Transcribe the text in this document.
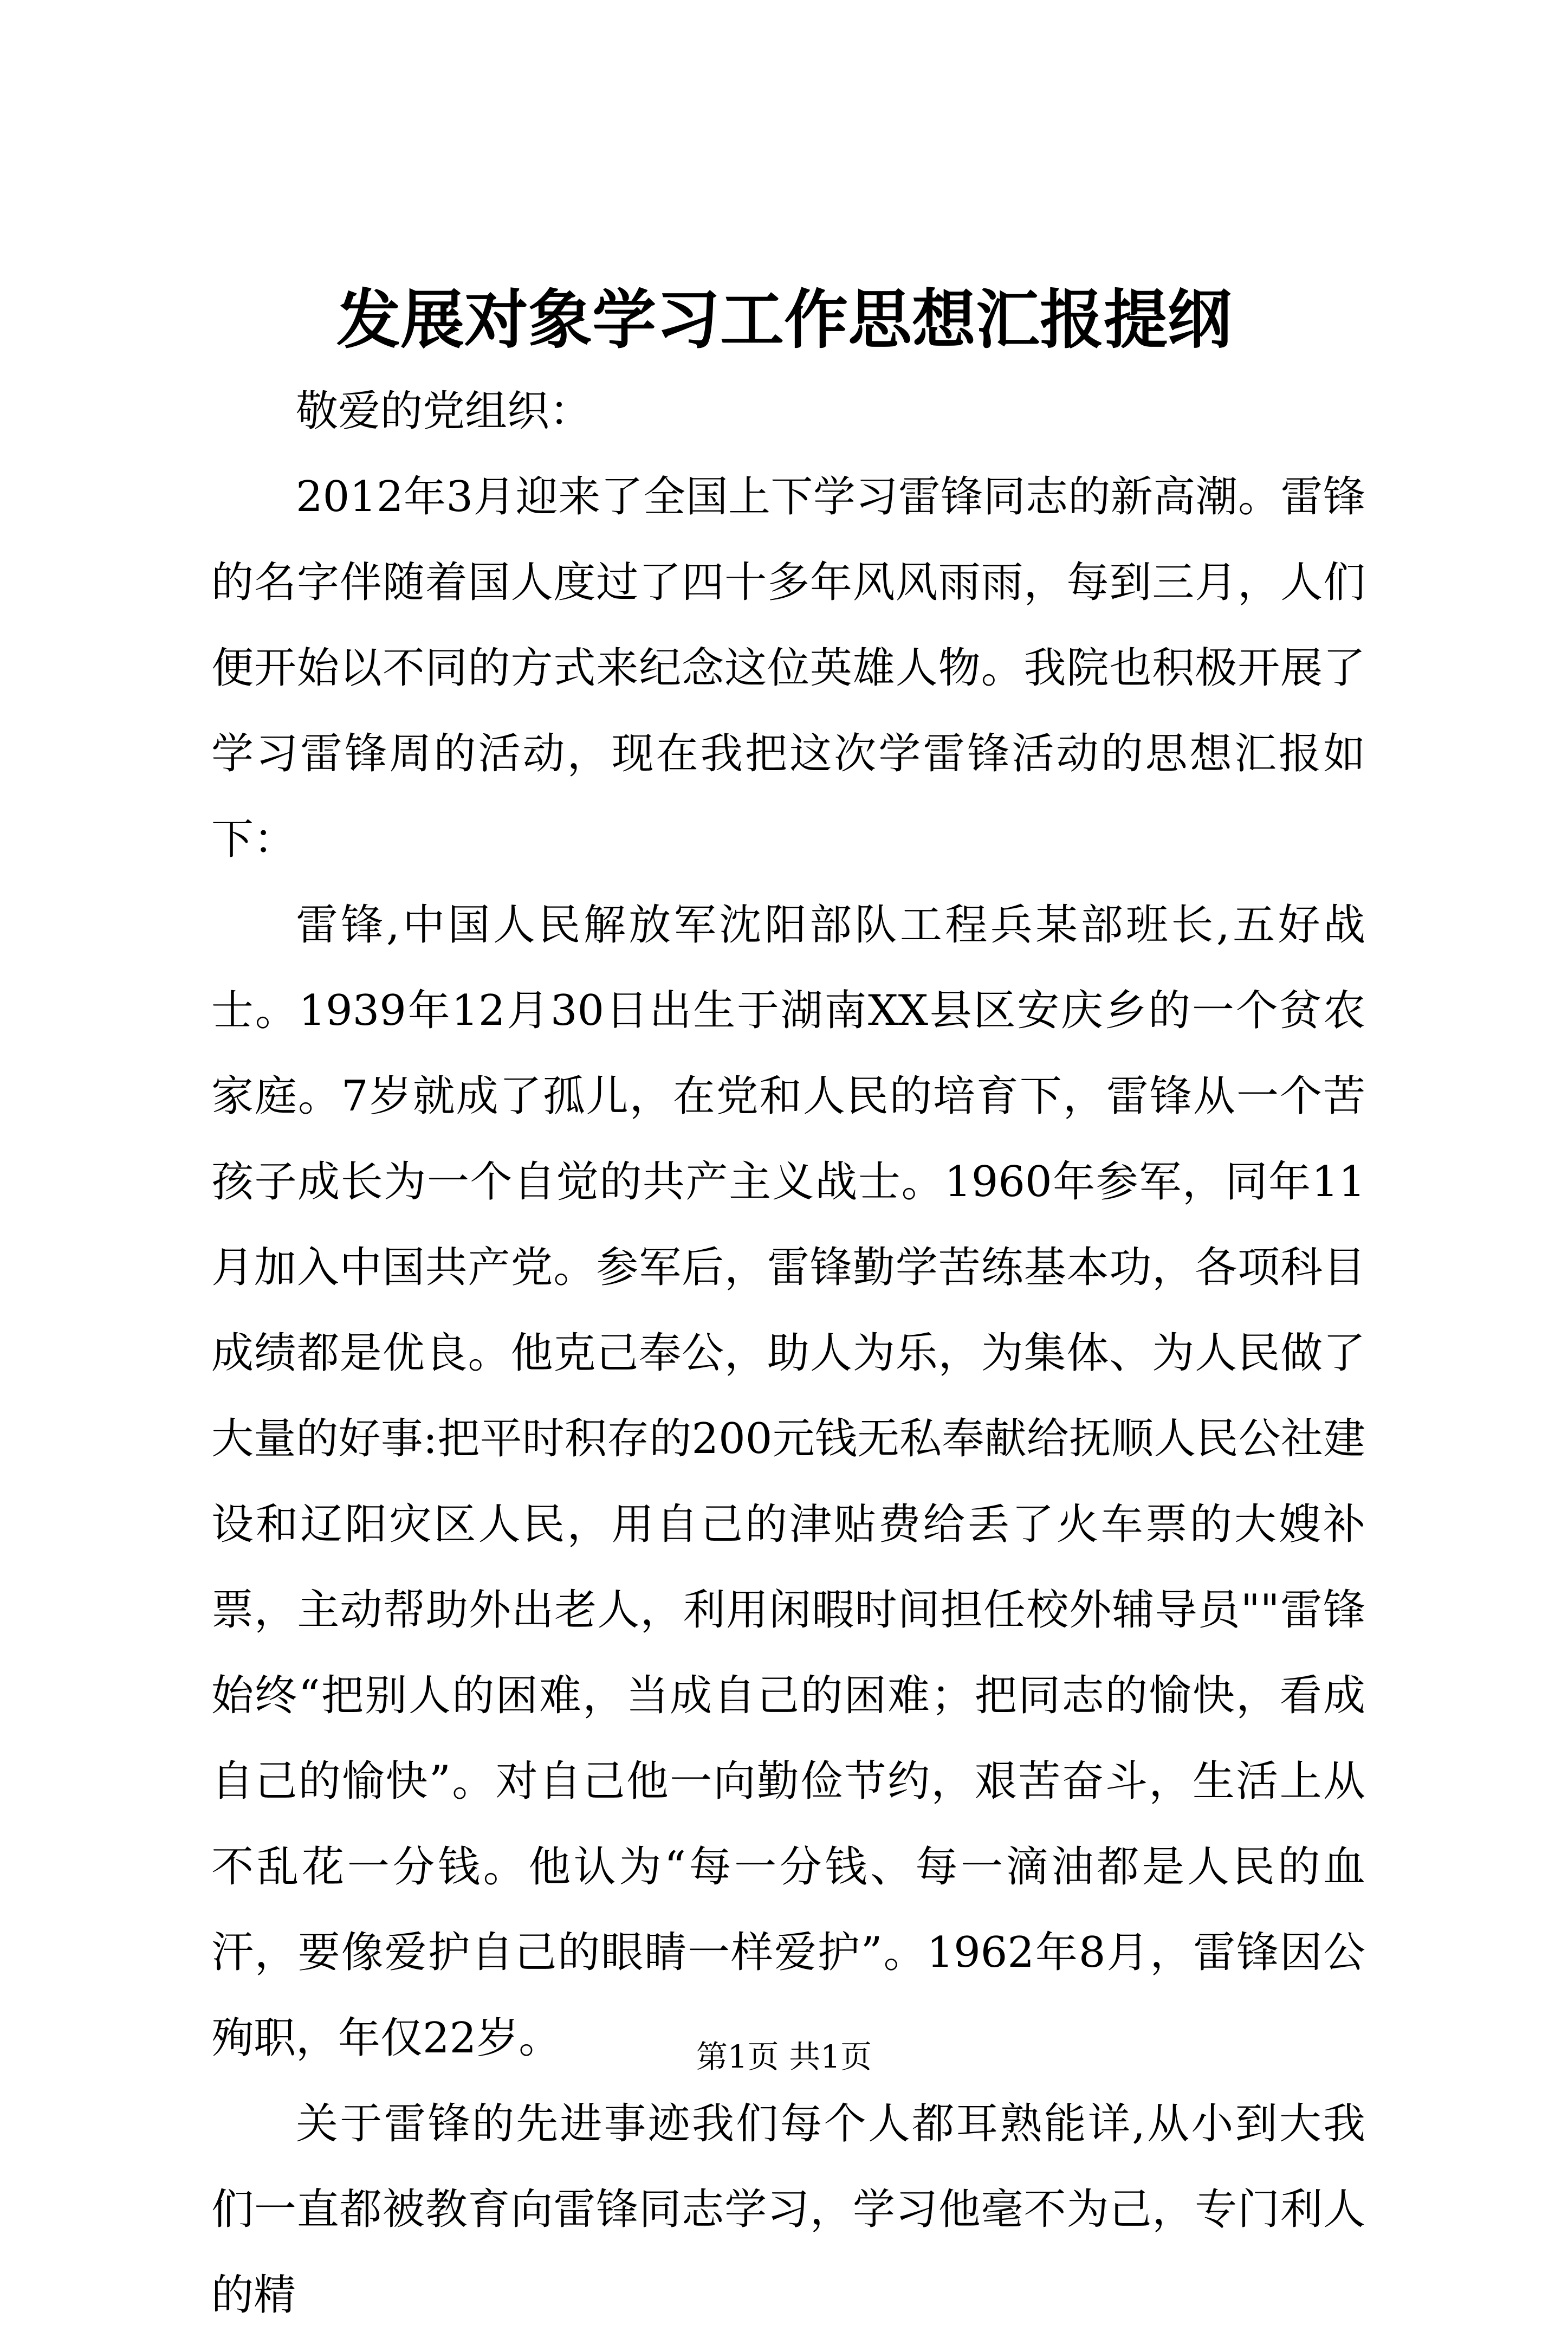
发展对象学习工作思想汇报提纲

敬爱的党组织：

2012年3月迎来了全国上下学习雷锋同志的新高潮。雷锋的名字伴随着国人度过了四十多年风风雨雨，每到三月，人们便开始以不同的方式来纪念这位英雄人物。我院也积极开展了学习雷锋周的活动，现在我把这次学雷锋活动的思想汇报如下：

雷锋,中国人民解放军沈阳部队工程兵某部班长,五好战士。1939年12月30日出生于湖南XX县区安庆乡的一个贫农家庭。7岁就成了孤儿，在党和人民的培育下，雷锋从一个苦孩子成长为一个自觉的共产主义战士。1960年参军，同年11月加入中国共产党。参军后，雷锋勤学苦练基本功，各项科目成绩都是优良。他克己奉公，助人为乐，为集体、为人民做了大量的好事:把平时积存的200元钱无私奉献给抚顺人民公社建设和辽阳灾区人民，用自己的津贴费给丢了火车票的大嫂补票，主动帮助外出老人，利用闲暇时间担任校外辅导员""雷锋始终“把别人的困难，当成自己的困难；把同志的愉快，看成自己的愉快”。对自己他一向勤俭节约，艰苦奋斗，生活上从不乱花一分钱。他认为“每一分钱、每一滴油都是人民的血汗，要像爱护自己的眼睛一样爱护”。1962年8月，雷锋因公殉职，年仅22岁。

关于雷锋的先进事迹我们每个人都耳熟能详,从小到大我们一直都被教育向雷锋同志学习，学习他毫不为己，专门利人的精

第1页 共1页
